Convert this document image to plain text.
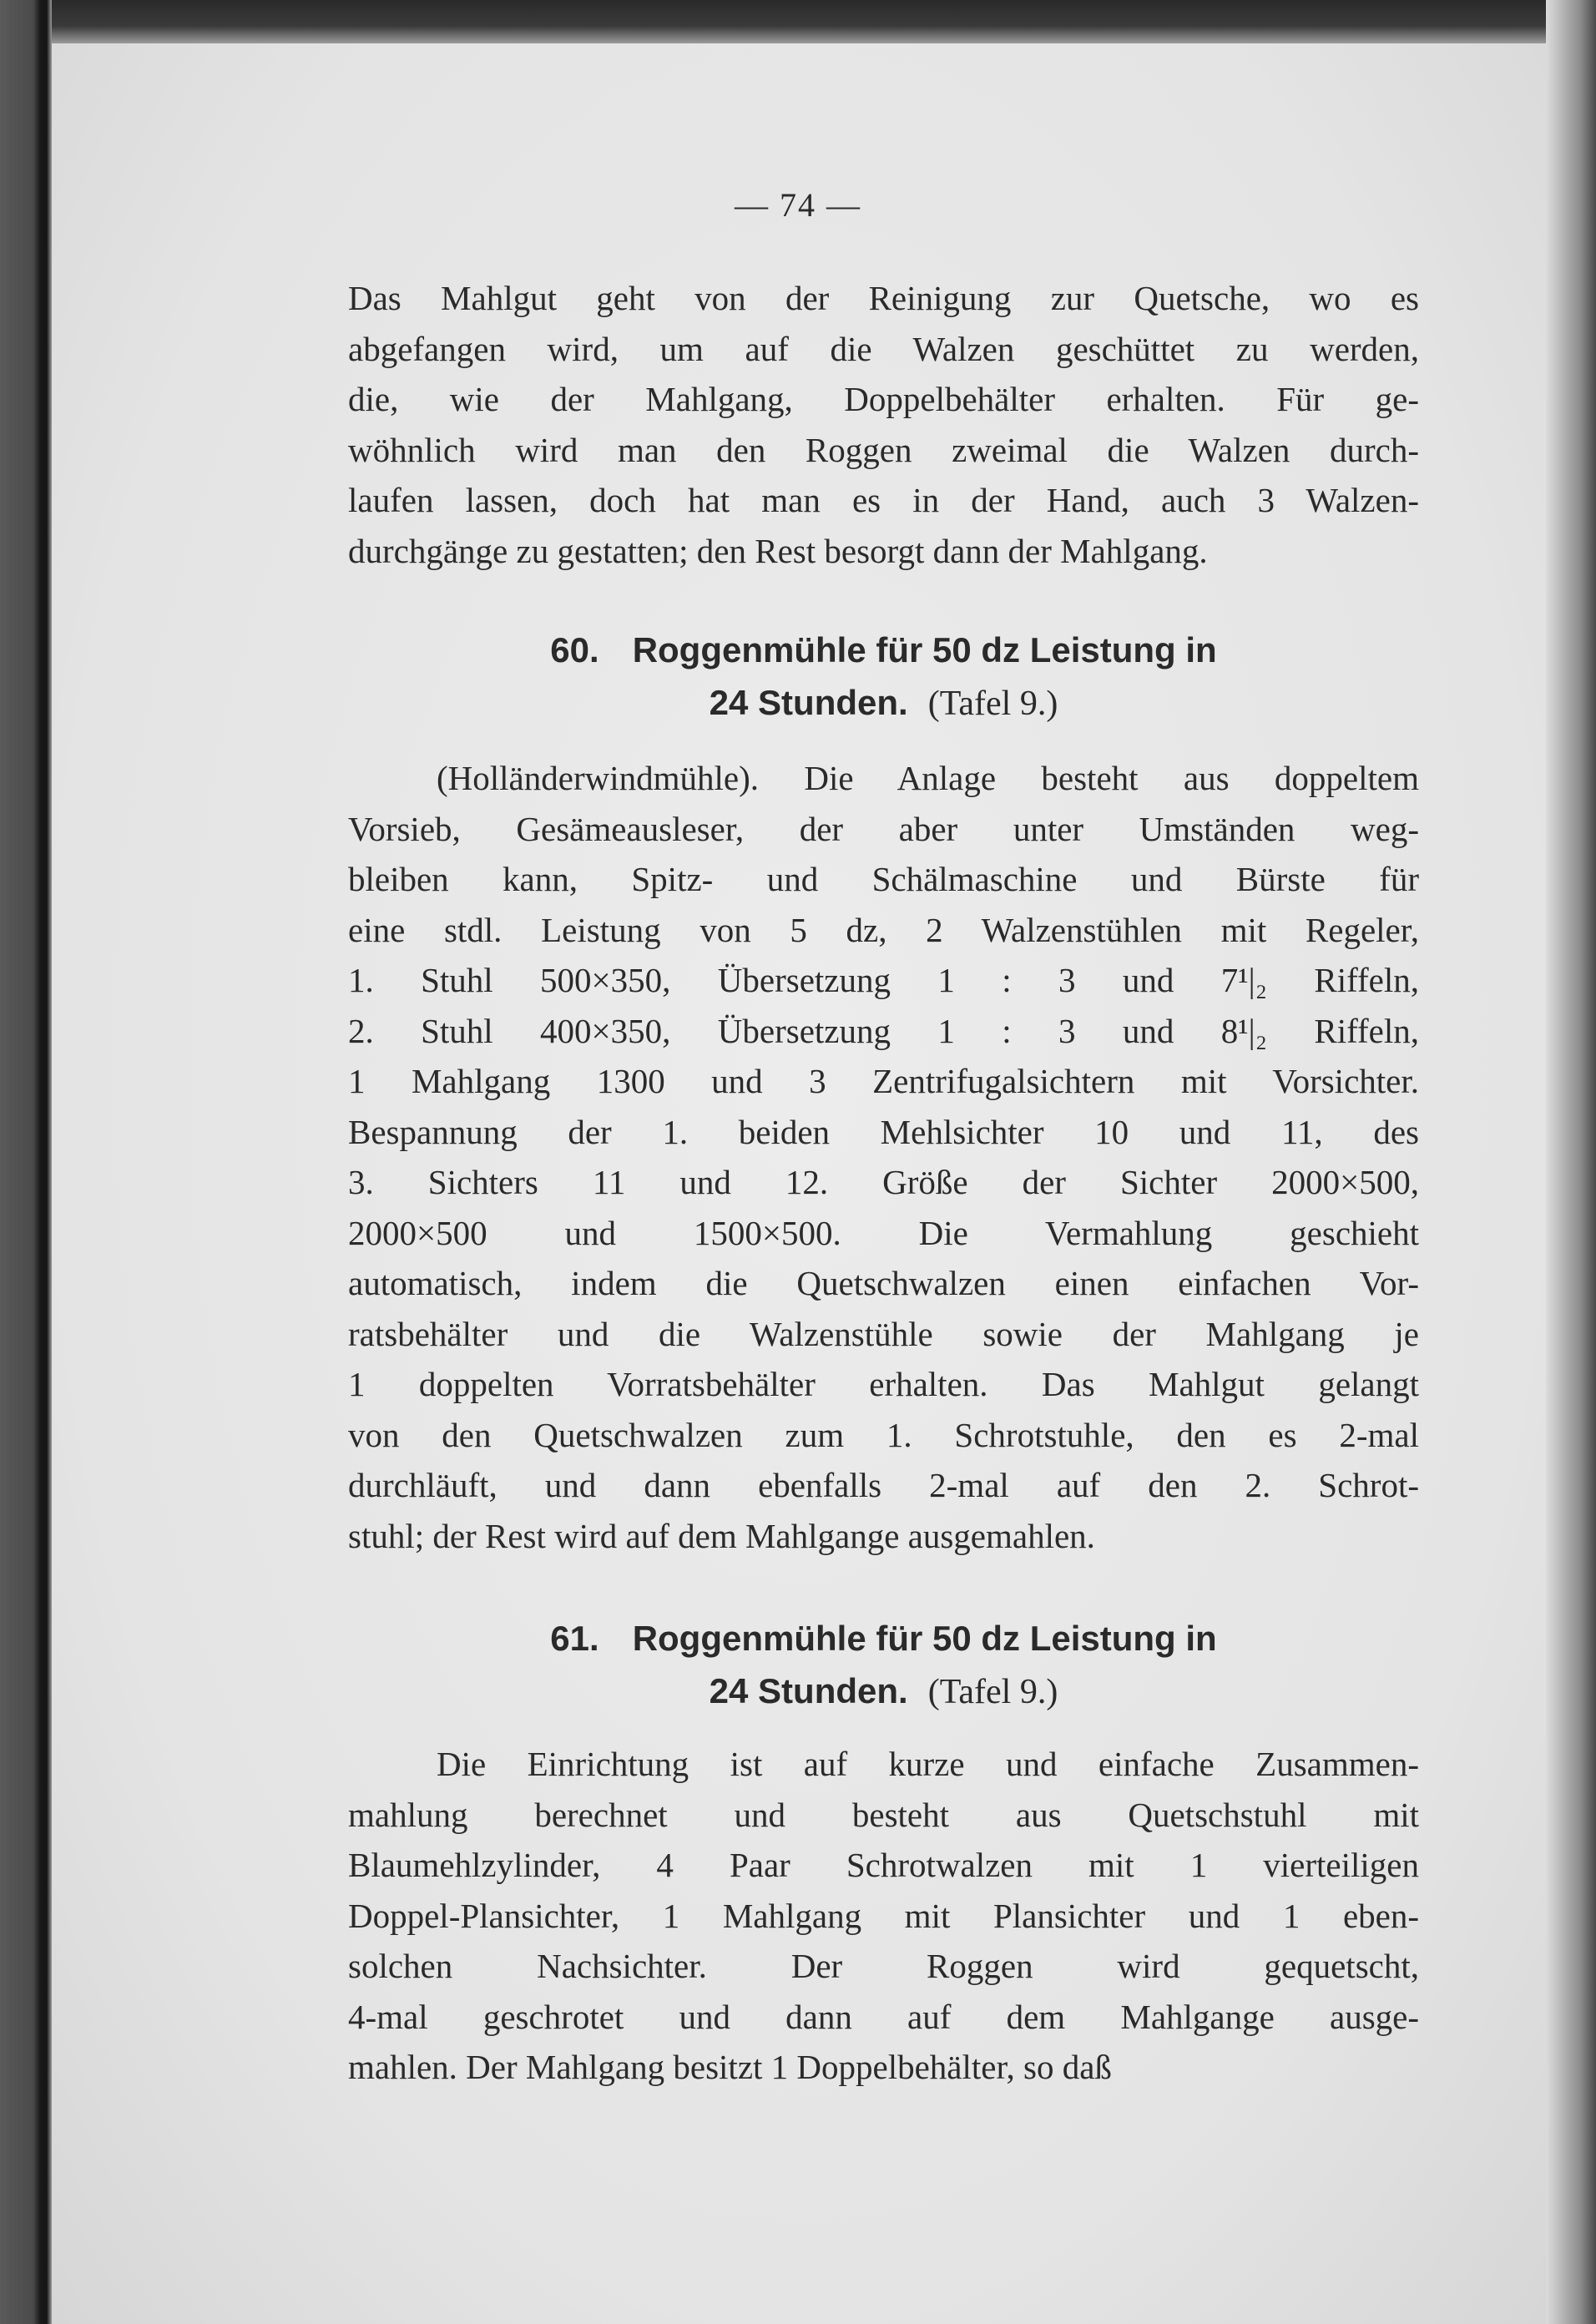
— 74 —
Das Mahlgut geht von der Reinigung zur Quetsche, wo es
abgefangen wird, um auf die Walzen geschüttet zu werden,
die, wie der Mahlgang, Doppelbehälter erhalten. Für ge-
wöhnlich wird man den Roggen zweimal die Walzen durch-
laufen lassen, doch hat man es in der Hand, auch 3 Walzen-
durchgänge zu gestatten; den Rest besorgt dann der Mahlgang.
60. Roggenmühle für 50 dz Leistung in
24 Stunden. (Tafel 9.)
(Holländerwindmühle). Die Anlage besteht aus doppeltem
Vorsieb, Gesämeausleser, der aber unter Umständen weg-
bleiben kann, Spitz- und Schälmaschine und Bürste für
eine stdl. Leistung von 5 dz, 2 Walzenstühlen mit Regeler,
1. Stuhl 500×350, Übersetzung 1 : 3 und 7¹|₂ Riffeln,
2. Stuhl 400×350, Übersetzung 1 : 3 und 8¹|₂ Riffeln,
1 Mahlgang 1300 und 3 Zentrifugalsichtern mit Vorsichter.
Bespannung der 1. beiden Mehlsichter 10 und 11, des
3. Sichters 11 und 12. Größe der Sichter 2000×500,
2000×500 und 1500×500. Die Vermahlung geschieht
automatisch, indem die Quetschwalzen einen einfachen Vor-
ratsbehälter und die Walzenstühle sowie der Mahlgang je
1 doppelten Vorratsbehälter erhalten. Das Mahlgut gelangt
von den Quetschwalzen zum 1. Schrotstuhle, den es 2-mal
durchläuft, und dann ebenfalls 2-mal auf den 2. Schrot-
stuhl; der Rest wird auf dem Mahlgange ausgemahlen.
61. Roggenmühle für 50 dz Leistung in
24 Stunden. (Tafel 9.)
Die Einrichtung ist auf kurze und einfache Zusammen-
mahlung berechnet und besteht aus Quetschstuhl mit
Blaumehlzylinder, 4 Paar Schrotwalzen mit 1 vierteiligen
Doppel-Plansichter, 1 Mahlgang mit Plansichter und 1 eben-
solchen Nachsichter. Der Roggen wird gequetscht,
4-mal geschrotet und dann auf dem Mahlgange ausge-
mahlen. Der Mahlgang besitzt 1 Doppelbehälter, so daß
